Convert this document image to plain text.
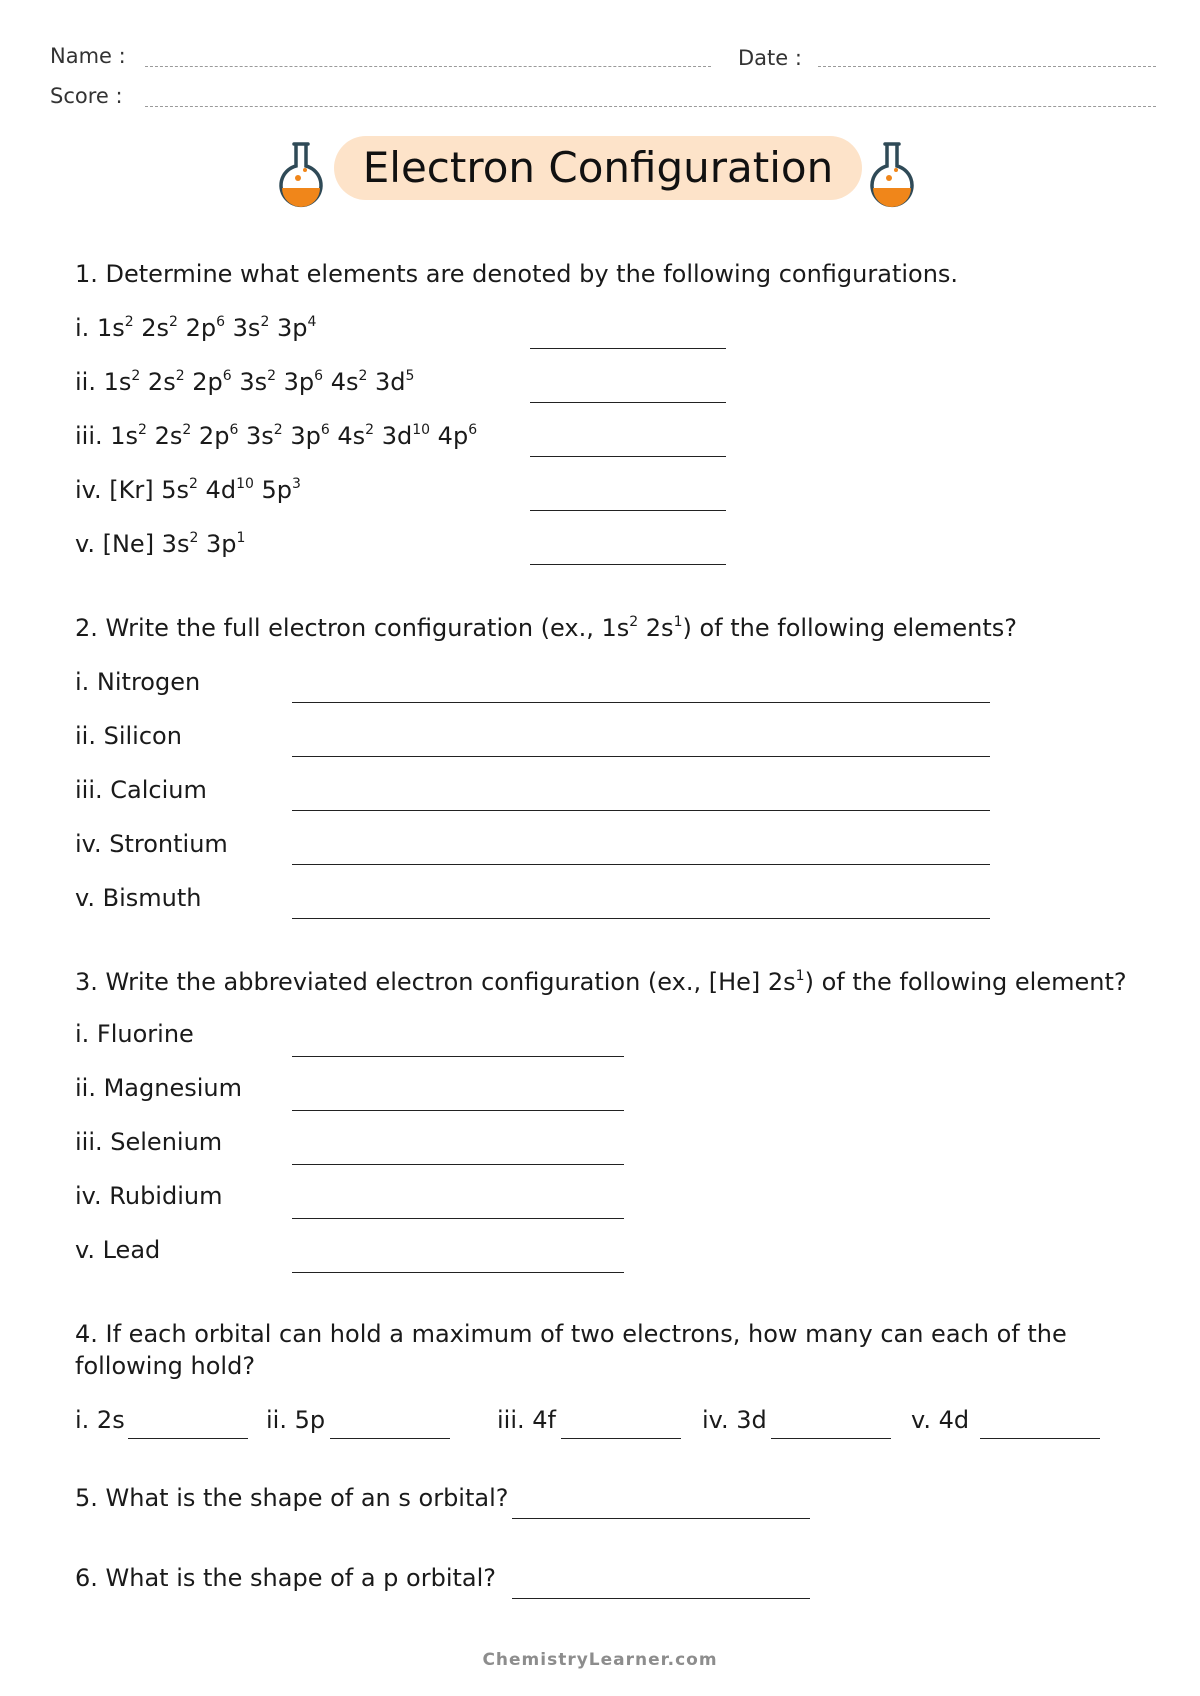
Name :	Date :
Score :
Electron Configuration
1. Determine what elements are denoted by the following configurations.
i. $1s^2$ $2s^2$ $2p^6$ $3s^2$ $3p^4$
ii. $1s^2$ $2s^2$ $2p^6$ $3s^2$ $3p^6$ $4s^2$ $3d^5$
iii. $1s^2$ $2s^2$ $2p^6$ $3s^2$ $3p^6$ $4s^2$ $3d^{10}$ $4p^6$
iv. [Kr] $5s^2$ $4d^{10}$ $5p^3$
v. [Ne] $3s^2$ $3p^1$
2. Write the full electron configuration (ex., $1s^2$ $2s^1$) of the following elements?
i. Nitrogen
ii. Silicon
iii. Calcium
iv. Strontium
v. Bismuth
3. Write the abbreviated electron configuration (ex., [He] $2s^1$) of the following element?
i. Fluorine
ii. Magnesium
iii. Selenium
iv. Rubidium
v. Lead
4. If each orbital can hold a maximum of two electrons, how many can each of the
following hold?
i. 2s	ii. 5p	iii. 4f	iv. 3d	v. 4d
5. What is the shape of an s orbital?
6. What is the shape of a p orbital?
ChemistryLearner.com
